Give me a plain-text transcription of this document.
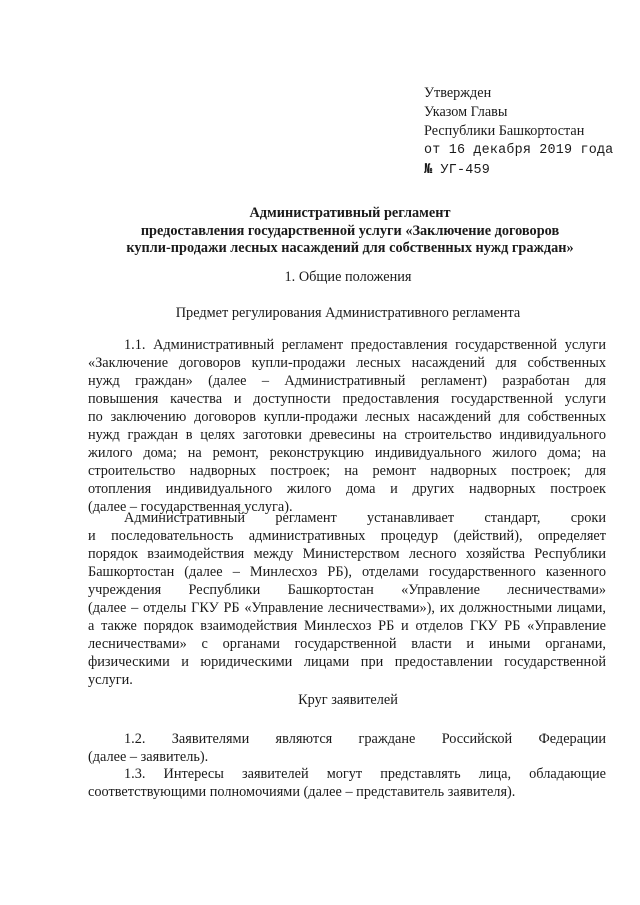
Утвержден
Указом Главы
Республики Башкортостан
от 16 декабря 2019 года
№ УГ-459
Административный регламент
предоставления государственной услуги «Заключение договоров
купли-продажи лесных насаждений для собственных нужд граждан»
1. Общие положения
Предмет регулирования Административного регламента
1.1. Административный регламент предоставления государственной услуги
«Заключение договоров купли-продажи лесных насаждений для собственных
нужд граждан» (далее – Административный регламент) разработан для
повышения качества и доступности предоставления государственной услуги
по заключению договоров купли-продажи лесных насаждений для собственных
нужд граждан в целях заготовки древесины на строительство индивидуального
жилого дома; на ремонт, реконструкцию индивидуального жилого дома; на
строительство надворных построек; на ремонт надворных построек; для
отопления индивидуального жилого дома и других надворных построек
(далее – государственная услуга).
Административный регламент устанавливает стандарт, сроки
и последовательность административных процедур (действий), определяет
порядок взаимодействия между Министерством лесного хозяйства Республики
Башкортостан (далее – Минлесхоз РБ), отделами государственного казенного
учреждения Республики Башкортостан «Управление лесничествами»
(далее – отделы ГКУ РБ «Управление лесничествами»), их должностными лицами,
а также порядок взаимодействия Минлесхоз РБ и отделов ГКУ РБ «Управление
лесничествами» с органами государственной власти и иными органами,
физическими и юридическими лицами при предоставлении государственной
услуги.
Круг заявителей
1.2. Заявителями являются граждане Российской Федерации
(далее – заявитель).
1.3. Интересы заявителей могут представлять лица, обладающие
соответствующими полномочиями (далее – представитель заявителя).
